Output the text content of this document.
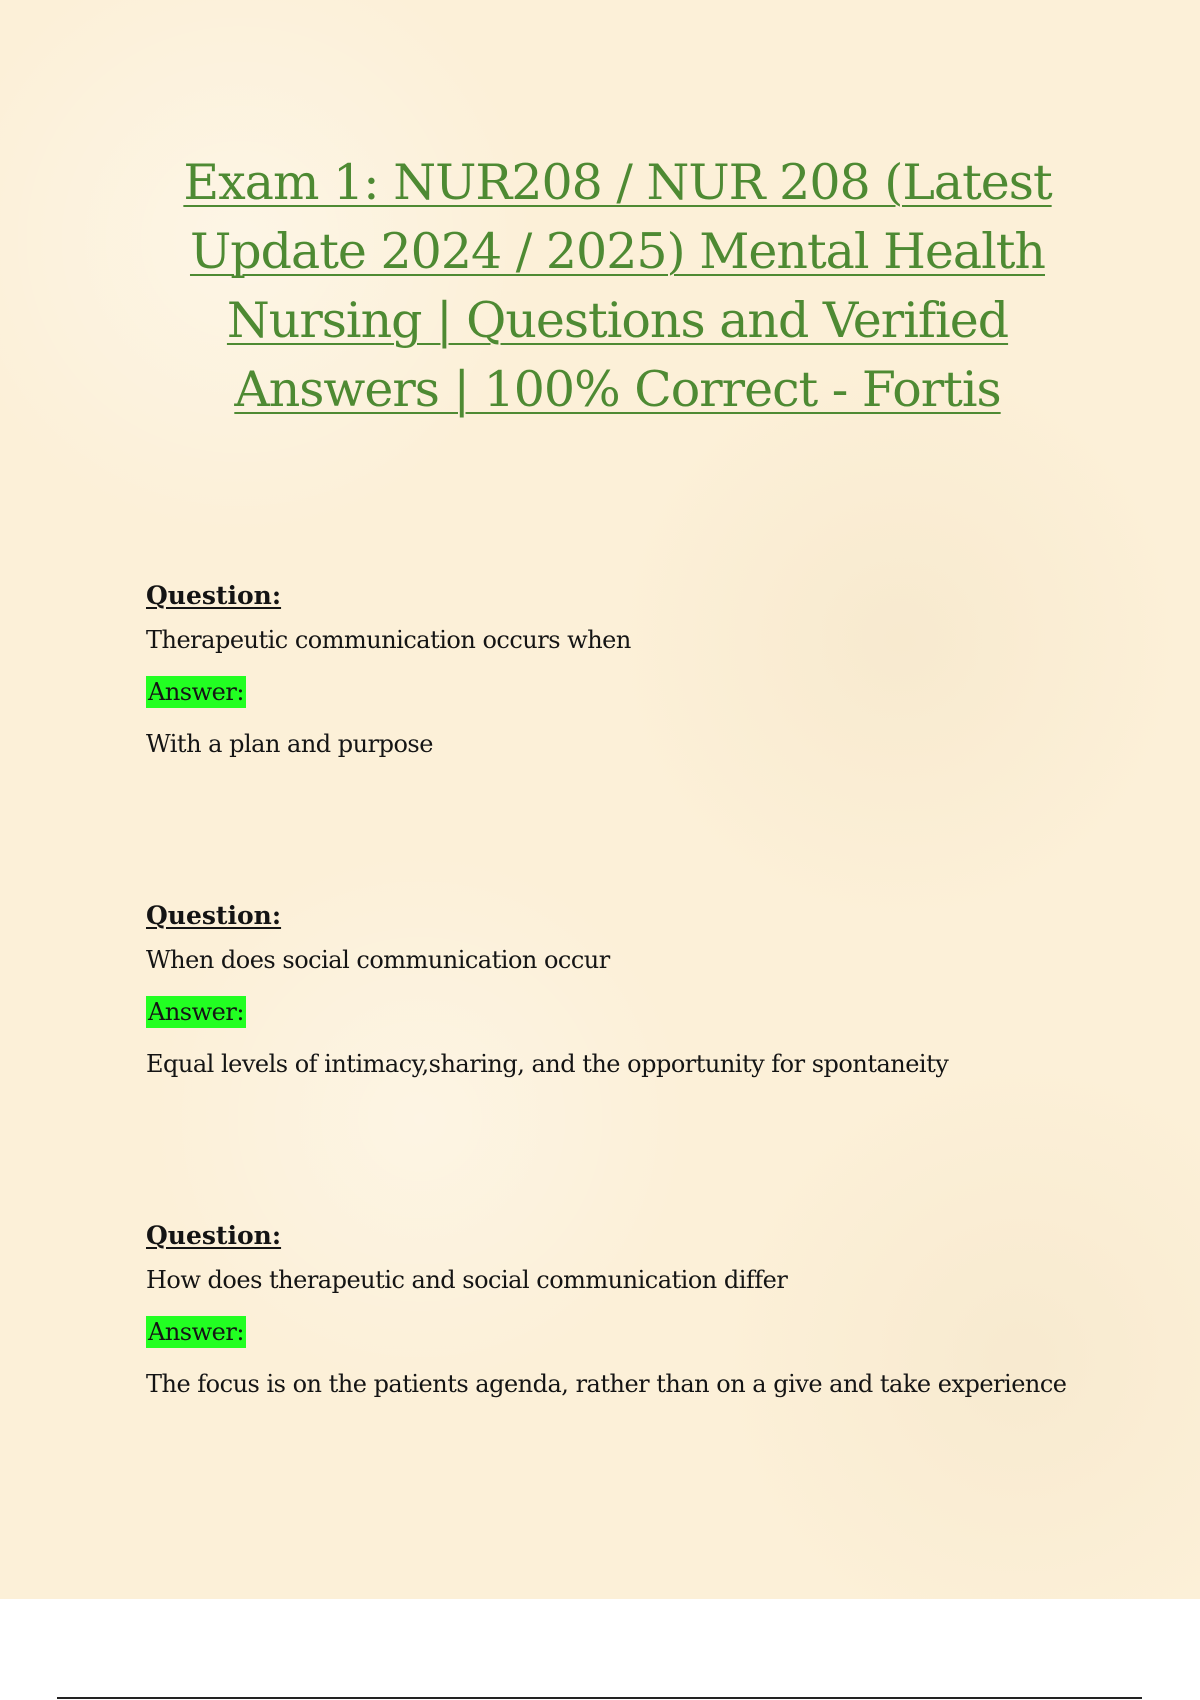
Exam 1: NUR208 / NUR 208 (Latest Update 2024 / 2025) Mental Health Nursing | Questions and Verified Answers | 100% Correct - Fortis

Question:

Therapeutic communication occurs when

Answer:

With a plan and purpose

Question:

When does social communication occur

Answer:

Equal levels of intimacy,sharing, and the opportunity for spontaneity

Question:

How does therapeutic and social communication differ

Answer:

The focus is on the patients agenda, rather than on a give and take experience
